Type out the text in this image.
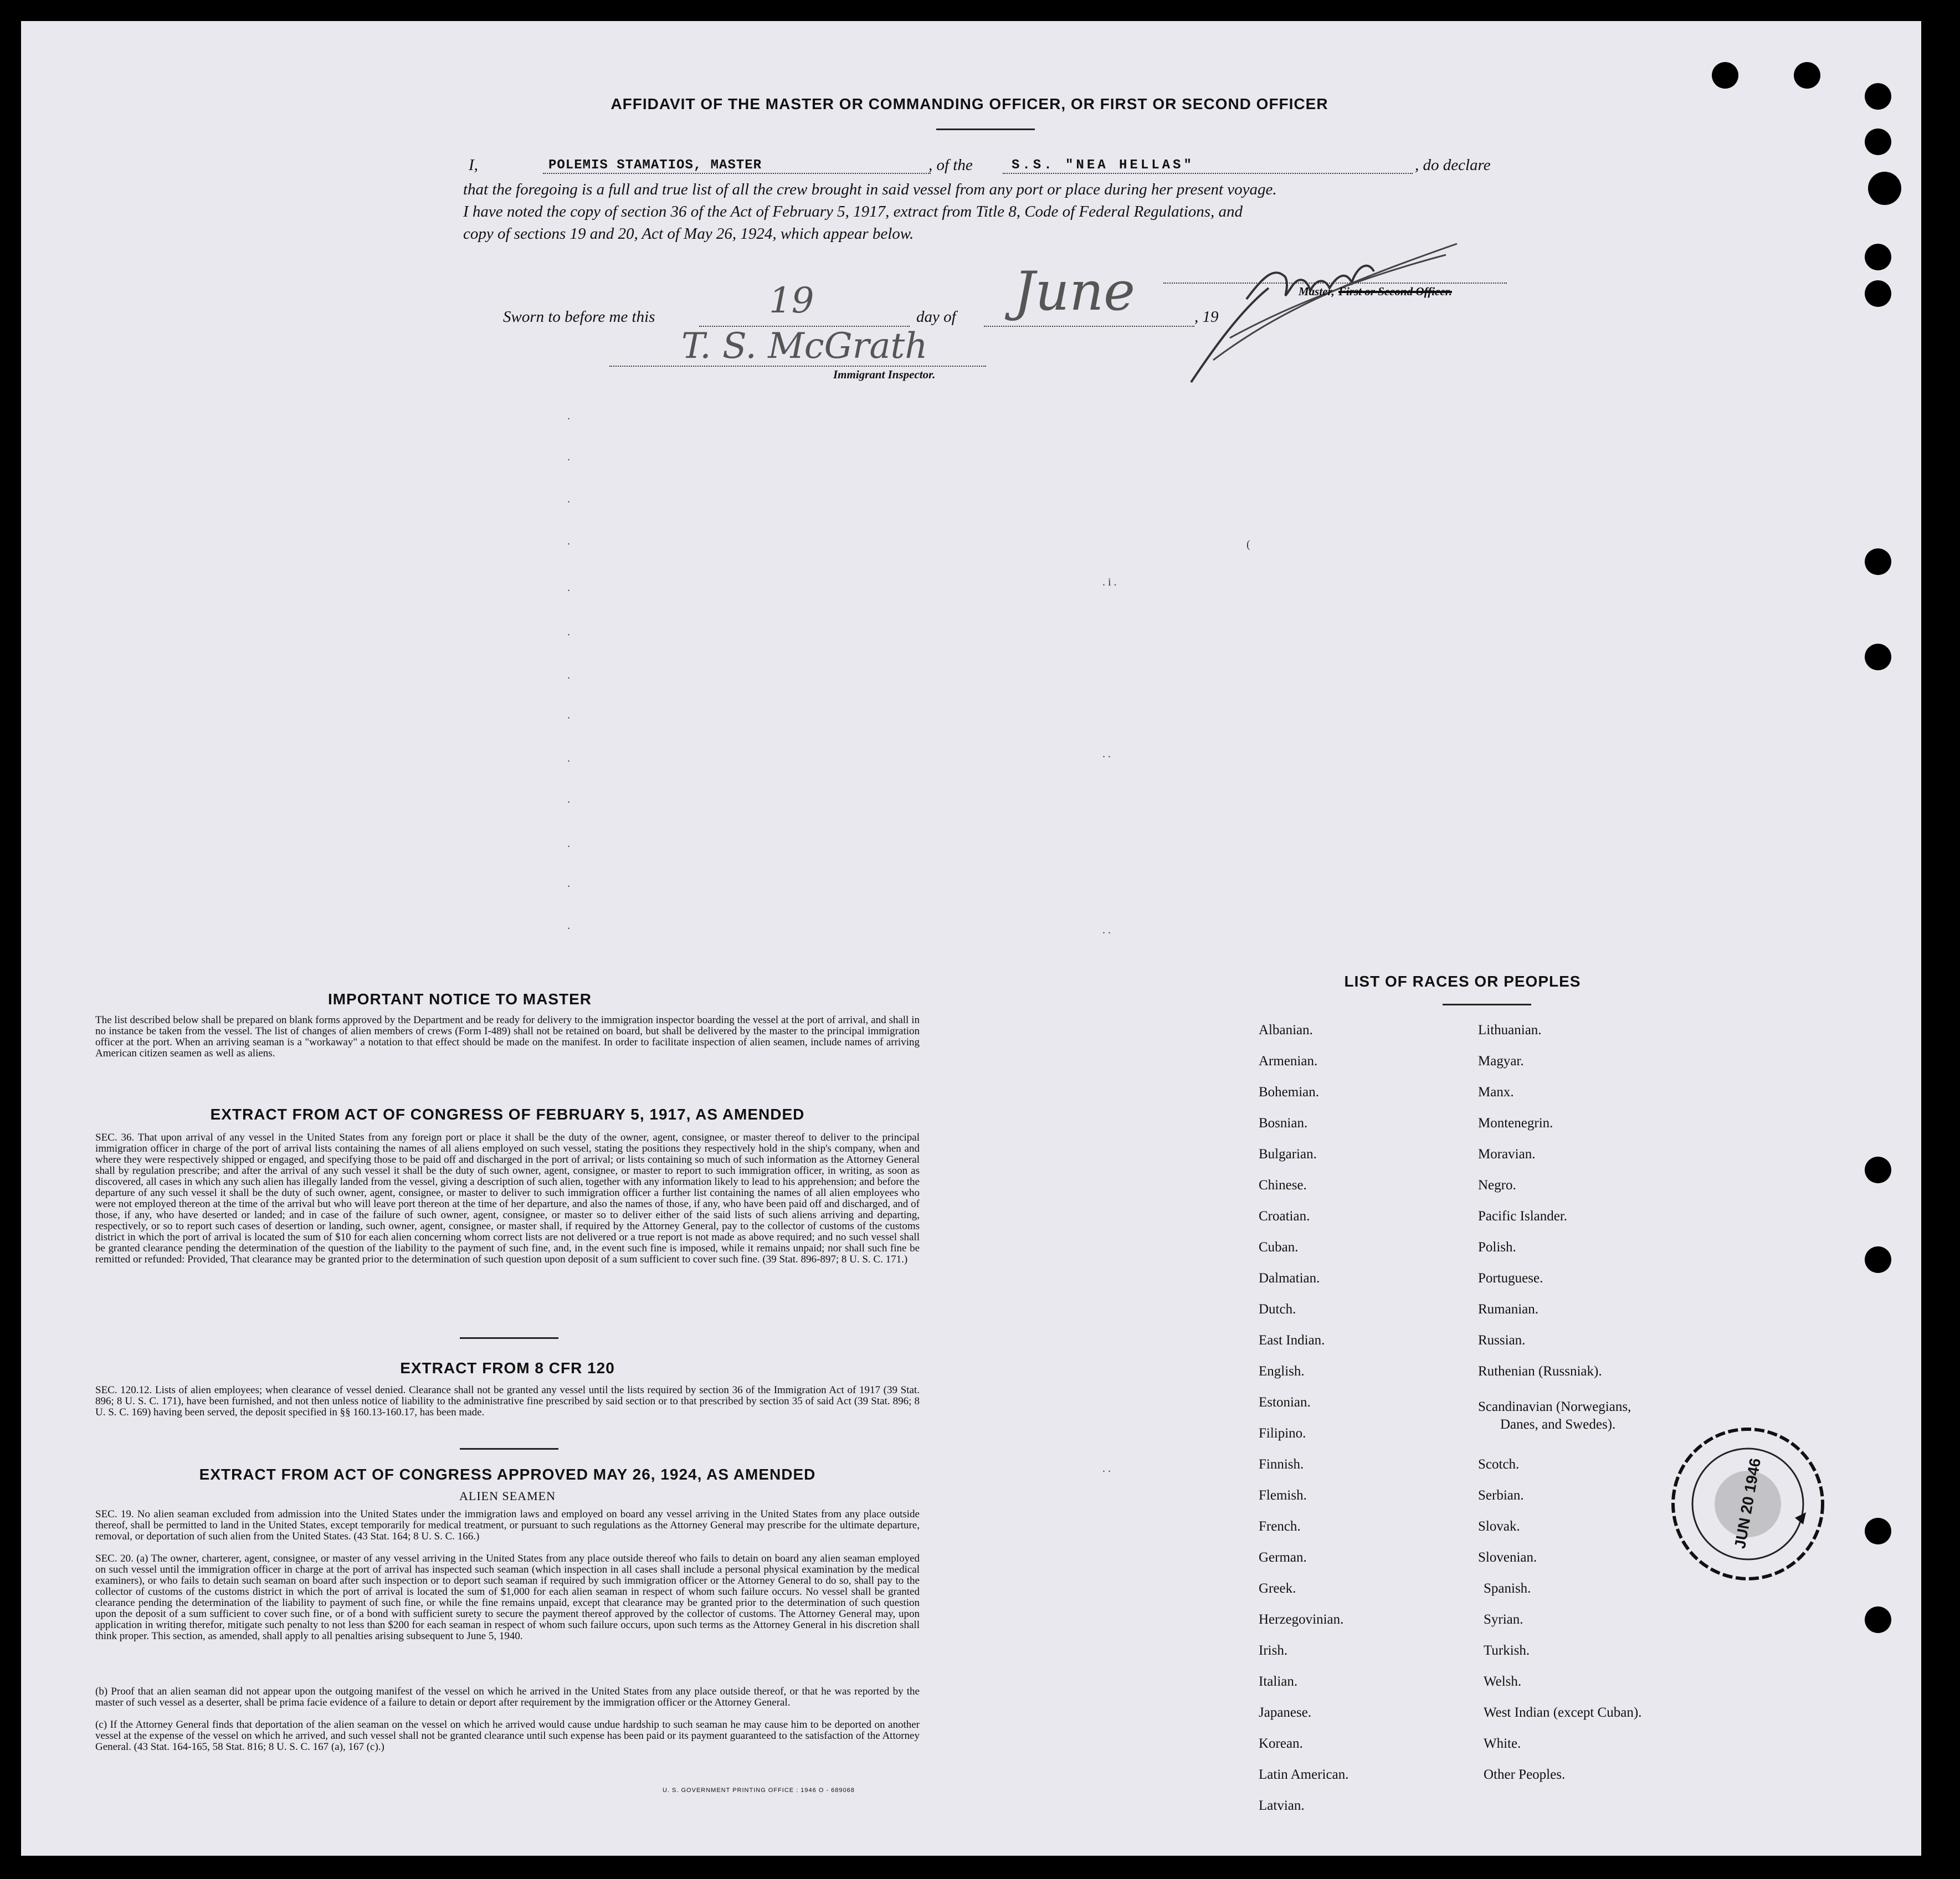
AFFIDAVIT OF THE MASTER OR COMMANDING OFFICER, OR FIRST OR SECOND OFFICER
I,	POLEMIS STAMATIOS, MASTER	, of the	S.S. "NEA HELLAS"	, do declare
that the foregoing is a full and true list of all the crew brought in said vessel from any port or place during her present voyage.
I have noted the copy of section 36 of the Act of February 5, 1917, extract from Title 8, Code of Federal Regulations, and
copy of sections 19 and 20, Act of May 26, 1924, which appear below.
Sworn to before me this	19	day of June	, 19
Master, First or Second Officer.
T. S. McGrath
Immigrant Inspector.
.
.
.
.
.
.
.
.
.
.
.
.
.	. .
(
. i .
. .
. .
IMPORTANT NOTICE TO MASTER
The list described below shall be prepared on blank forms approved by the Department and be ready for delivery to the immigration inspector boarding the vessel at the port of arrival, and shall in no instance be taken from the vessel. The list of changes of alien members of crews (Form I-489) shall not be retained on board, but shall be delivered by the master to the principal immigration officer at the port. When an arriving seaman is a "workaway" a notation to that effect should be made on the manifest. In order to facilitate inspection of alien seamen, include names of arriving American citizen seamen as well as aliens.
EXTRACT FROM ACT OF CONGRESS OF FEBRUARY 5, 1917, AS AMENDED
SEC. 36. That upon arrival of any vessel in the United States from any foreign port or place it shall be the duty of the owner, agent, consignee, or master thereof to deliver to the principal immigration officer in charge of the port of arrival lists containing the names of all aliens employed on such vessel, stating the positions they respectively hold in the ship's company, when and where they were respectively shipped or engaged, and specifying those to be paid off and discharged in the port of arrival; or lists containing so much of such information as the Attorney General shall by regulation prescribe; and after the arrival of any such vessel it shall be the duty of such owner, agent, consignee, or master to report to such immigration officer, in writing, as soon as discovered, all cases in which any such alien has illegally landed from the vessel, giving a description of such alien, together with any information likely to lead to his apprehension; and before the departure of any such vessel it shall be the duty of such owner, agent, consignee, or master to deliver to such immigration officer a further list containing the names of all alien employees who were not employed thereon at the time of the arrival but who will leave port thereon at the time of her departure, and also the names of those, if any, who have been paid off and discharged, and of those, if any, who have deserted or landed; and in case of the failure of such owner, agent, consignee, or master so to deliver either of the said lists of such aliens arriving and departing, respectively, or so to report such cases of desertion or landing, such owner, agent, consignee, or master shall, if required by the Attorney General, pay to the collector of customs of the customs district in which the port of arrival is located the sum of $10 for each alien concerning whom correct lists are not delivered or a true report is not made as above required; and no such vessel shall be granted clearance pending the determination of the question of the liability to the payment of such fine, and, in the event such fine is imposed, while it remains unpaid; nor shall such fine be remitted or refunded: Provided, That clearance may be granted prior to the determination of such question upon deposit of a sum sufficient to cover such fine. (39 Stat. 896-897; 8 U. S. C. 171.)
EXTRACT FROM 8 CFR 120
SEC. 120.12. Lists of alien employees; when clearance of vessel denied. Clearance shall not be granted any vessel until the lists required by section 36 of the Immigration Act of 1917 (39 Stat. 896; 8 U. S. C. 171), have been furnished, and not then unless notice of liability to the administrative fine prescribed by said section or to that prescribed by section 35 of said Act (39 Stat. 896; 8 U. S. C. 169) having been served, the deposit specified in §§ 160.13-160.17, has been made.
EXTRACT FROM ACT OF CONGRESS APPROVED MAY 26, 1924, AS AMENDED
ALIEN SEAMEN
SEC. 19. No alien seaman excluded from admission into the United States under the immigration laws and employed on board any vessel arriving in the United States from any place outside thereof, shall be permitted to land in the United States, except temporarily for medical treatment, or pursuant to such regulations as the Attorney General may prescribe for the ultimate departure, removal, or deportation of such alien from the United States. (43 Stat. 164; 8 U. S. C. 166.)
SEC. 20. (a) The owner, charterer, agent, consignee, or master of any vessel arriving in the United States from any place outside thereof who fails to detain on board any alien seaman employed on such vessel until the immigration officer in charge at the port of arrival has inspected such seaman (which inspection in all cases shall include a personal physical examination by the medical examiners), or who fails to detain such seaman on board after such inspection or to deport such seaman if required by such immigration officer or the Attorney General to do so, shall pay to the collector of customs of the customs district in which the port of arrival is located the sum of $1,000 for each alien seaman in respect of whom such failure occurs. No vessel shall be granted clearance pending the determination of the liability to payment of such fine, or while the fine remains unpaid, except that clearance may be granted prior to the determination of such question upon the deposit of a sum sufficient to cover such fine, or of a bond with sufficient surety to secure the payment thereof approved by the collector of customs. The Attorney General may, upon application in writing therefor, mitigate such penalty to not less than $200 for each seaman in respect of whom such failure occurs, upon such terms as the Attorney General in his discretion shall think proper. This section, as amended, shall apply to all penalties arising subsequent to June 5, 1940.
(b) Proof that an alien seaman did not appear upon the outgoing manifest of the vessel on which he arrived in the United States from any place outside thereof, or that he was reported by the master of such vessel as a deserter, shall be prima facie evidence of a failure to detain or deport after requirement by the immigration officer or the Attorney General.
(c) If the Attorney General finds that deportation of the alien seaman on the vessel on which he arrived would cause undue hardship to such seaman he may cause him to be deported on another vessel at the expense of the vessel on which he arrived, and such vessel shall not be granted clearance until such expense has been paid or its payment guaranteed to the satisfaction of the Attorney General. (43 Stat. 164-165, 58 Stat. 816; 8 U. S. C. 167 (a), 167 (c).)
U. S. GOVERNMENT PRINTING OFFICE : 1946 O - 689068
LIST OF RACES OR PEOPLES
Albanian.
Armenian.
Bohemian.
Bosnian.
Bulgarian.
Chinese.
Croatian.
Cuban.
Dalmatian.
Dutch.
East Indian.
English.
Estonian.
Filipino.
Finnish.
Flemish.
French.
German.
Greek.
Herzegovinian.
Irish.
Italian.
Japanese.
Korean.
Latin American.
Latvian.
Lithuanian.
Magyar.
Manx.
Montenegrin.
Moravian.
Negro.
Pacific Islander.
Polish.
Portuguese.
Rumanian.
Russian.
Ruthenian (Russniak).
Scandinavian (Norwegians,
Danes, and Swedes).
Scotch.
Serbian.
Slovak.
Slovenian.
Spanish.
Syrian.
Turkish.
Welsh.
West Indian (except Cuban).
White.
Other Peoples.
JUN 20 1946
